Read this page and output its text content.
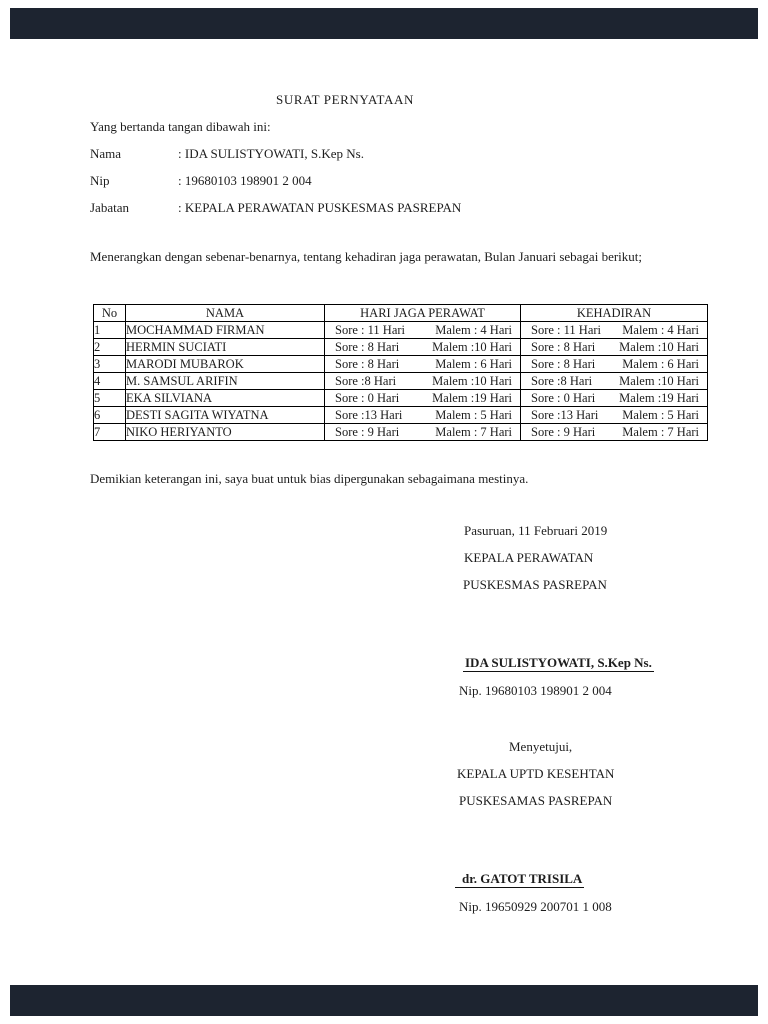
SURAT PERNYATAAN
Yang bertanda tangan dibawah ini:
Nama	: IDA SULISTYOWATI, S.Kep Ns.
Nip	: 19680103 198901 2 004
Jabatan	: KEPALA PERAWATAN PUSKESMAS PASREPAN
Menerangkan dengan sebenar-benarnya, tentang kehadiran jaga perawatan, Bulan Januari sebagai berikut;
No	NAMA	HARI JAGA PERAWAT	KEHADIRAN
1	MOCHAMMAD FIRMAN	Sore : 11 Hari Malem : 4 Hari	Sore : 11 Hari Malem : 4 Hari

2	HERMIN SUCIATI	Sore : 8 Hari Malem :10 Hari	Sore : 8 Hari Malem :10 Hari

3	MARODI MUBAROK	Sore : 8 Hari Malem : 6 Hari	Sore : 8 Hari Malem : 6 Hari

4	M. SAMSUL ARIFIN	Sore :8 Hari Malem :10 Hari	Sore :8 Hari Malem :10 Hari

5	EKA SILVIANA	Sore : 0 Hari Malem :19 Hari	Sore : 0 Hari Malem :19 Hari

6	DESTI SAGITA WIYATNA	Sore :13 Hari Malem : 5 Hari	Sore :13 Hari Malem : 5 Hari

7	NIKO HERIYANTO	Sore : 9 Hari Malem : 7 Hari	Sore : 9 Hari Malem : 7 Hari
Demikian keterangan ini, saya buat untuk bias dipergunakan sebagaimana mestinya.
Pasuruan, 11 Februari 2019
KEPALA PERAWATAN
PUSKESMAS PASREPAN
IDA SULISTYOWATI, S.Kep Ns.
Nip. 19680103 198901 2 004
Menyetujui,
KEPALA UPTD KESEHTAN
PUSKESAMAS PASREPAN
dr. GATOT TRISILA
Nip. 19650929 200701 1 008
